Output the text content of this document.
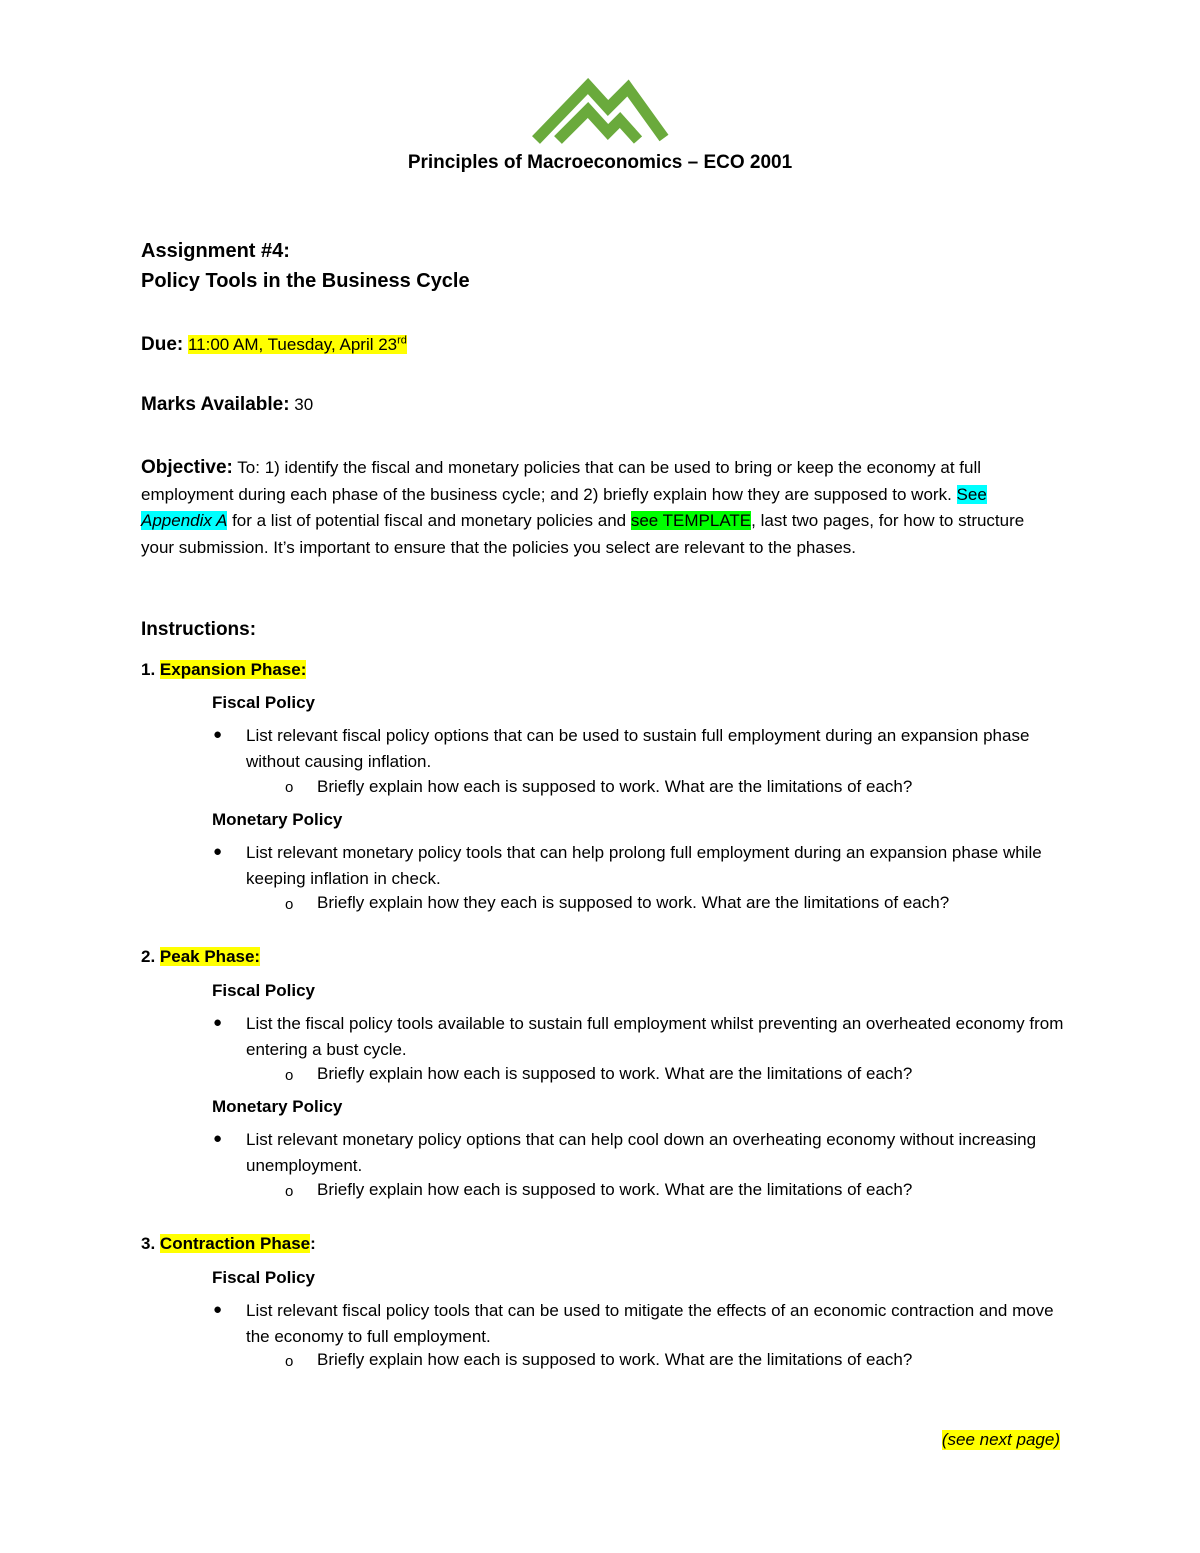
Principles of Macroeconomics – ECO 2001
Assignment #4:
Policy Tools in the Business Cycle
Due: 11:00 AM, Tuesday, April 23rd
Marks Available: 30
Objective: To: 1) identify the fiscal and monetary policies that can be used to bring or keep the economy at full employment during each phase of the business cycle; and 2) briefly explain how they are supposed to work. See Appendix A for a list of potential fiscal and monetary policies and see TEMPLATE, last two pages, for how to structure your submission. It’s important to ensure that the policies you select are relevant to the phases.
Instructions:
1. Expansion Phase:
Fiscal Policy
● List relevant fiscal policy options that can be used to sustain full employment during an expansion phase without causing inflation.
o Briefly explain how each is supposed to work. What are the limitations of each?
Monetary Policy
● List relevant monetary policy tools that can help prolong full employment during an expansion phase while keeping inflation in check.
o Briefly explain how they each is supposed to work. What are the limitations of each?
2. Peak Phase:
Fiscal Policy
● List the fiscal policy tools available to sustain full employment whilst preventing an overheated economy from entering a bust cycle.
o Briefly explain how each is supposed to work. What are the limitations of each?
Monetary Policy
● List relevant monetary policy options that can help cool down an overheating economy without increasing unemployment.
o Briefly explain how each is supposed to work. What are the limitations of each?
3. Contraction Phase:
Fiscal Policy
● List relevant fiscal policy tools that can be used to mitigate the effects of an economic contraction and move the economy to full employment.
o Briefly explain how each is supposed to work. What are the limitations of each?
(see next page)
